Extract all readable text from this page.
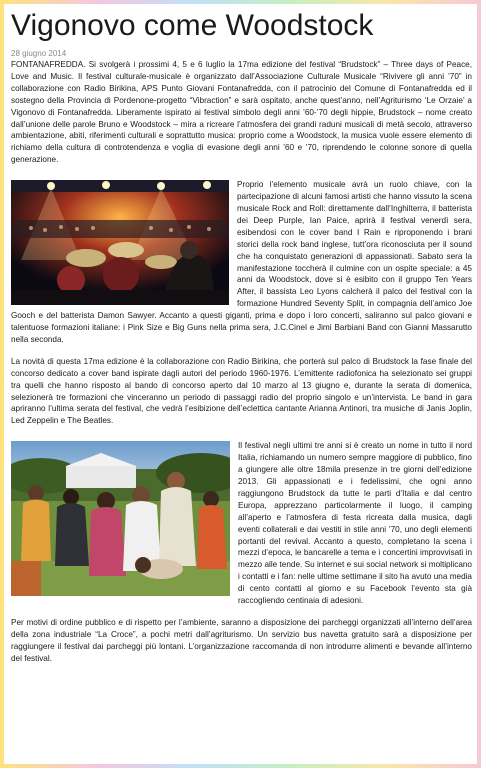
Vigonovo come Woodstock
28 giugno 2014

FONTANAFREDDA. Si svolgerà i prossimi 4, 5 e 6 luglio la 17ma edizione del festival “Brudstock” – Three days of Peace, Love and Music. Il festival culturale-musicale è organizzato dall’Associazione Culturale Musicale “Rivivere gli anni ’70” in collaborazione con Radio Birikina, APS Punto Giovani Fontanafredda, con il patrocinio del Comune di Fontanafredda ed il sostegno della Provincia di Pordenone-progetto “Vibraction” e sarà ospitato, anche quest’anno, nell’Agriturismo ‘Le Orzaie’ a Vigonovo di Fontanafredda. Liberamente ispirato ai festival simbolo degli anni ’60-’70 degli hippie, Brudstock – nome creato dall’unione delle parole Bruno e Woodstock – mira a ricreare l’atmosfera dei grandi raduni musicali di metà secolo, attraverso ambientazione, abiti, riferimenti culturali e soprattutto musica: proprio come a Woodstock, la musica vuole essere elemento di richiamo della cultura di controtendenza e voglia di evasione degli anni ’60 e ’70, riprendendo le colonne sonore di quella generazione.

Proprio l’elemento musicale avrà un ruolo chiave, con la partecipazione di alcuni famosi artisti che hanno vissuto la scena musicale Rock and Roll: direttamente dall’Inghilterra, il batterista dei Deep Purple, Ian Paice, aprirà il festival venerdì sera, esibendosi con le cover band I Rain e riproponendo i brani storici della rock band inglese, tutt’ora riconosciuta per il sound che ha conquistato generazioni di appassionati. Sabato sera la manifestazione toccherà il culmine con un ospite speciale: a 45 anni da Woodstock, dove si è esibito con il gruppo Ten Years After, il bassista Leo Lyons calcherà il palco del festival con la formazione Hundred Seventy Split, in compagnia dell’amico Joe Gooch e del batterista Damon Sawyer. Accanto a questi giganti, prima e dopo i loro concerti, saliranno sul palco giovani e talentuose formazioni italiane: i Pink Size e Big Guns nella prima sera, J.C.Cinel e Jimi Barbiani Band con Gianni Massarutto nella seconda.

La novità di questa 17ma edizione è la collaborazione con Radio Birikina, che porterà sul palco di Brudstock la fase finale del concorso dedicato a cover band ispirate dagli autori del periodo 1960-1976. L’emittente radiofonica ha selezionato sei gruppi tra quelli che hanno risposto al bando di concorso aperto dal 10 marzo al 13 giugno e, durante la serata di domenica, selezionerà tre formazioni che vinceranno un periodo di passaggi radio del proprio singolo e un’intervista. Le band in gara apriranno l’ultima serata del festival, che vedrà l’esibizione dell’eclettica cantante Arianna Antinori, tra musiche di Janis Joplin, Led Zeppelin e The Beatles.

Il festival negli ultimi tre anni si è creato un nome in tutto il nord Italia, richiamando un numero sempre maggiore di pubblico, fino a giungere alle oltre 18mila presenze in tre giorni dell’edizione 2013. Gli appassionati e i fedelissimi, che ogni anno raggiungono Brudstock da tutte le parti d’Italia e dal centro Europa, apprezzano particolarmente il luogo, il camping all’aperto e l’atmosfera di festa ricreata dalla musica, dagli eventi collaterali e dai vestiti in stile anni ’70, uno degli elementi portanti del revival. Accanto a questo, completano la scena i mezzi d’epoca, le bancarelle a tema e i concertini improvvisati in mezzo alle tende. Su internet e sui social network si moltiplicano i contatti e i fan: nelle ultime settimane il sito ha avuto una media di cento contatti al giorno e su Facebook l’evento sta già raccogliendo centinaia di adesioni.

Per motivi di ordine pubblico e di rispetto per l’ambiente, saranno a disposizione dei parcheggi organizzati all’interno dell’area della zona industriale “La Croce”, a pochi metri dall’agriturismo. Un servizio bus navetta gratuito sarà a disposizione per raggiungere il festival dai parcheggi più lontani. L’organizzazione raccomanda di non introdurre alimenti e bevande all’interno del festival.
